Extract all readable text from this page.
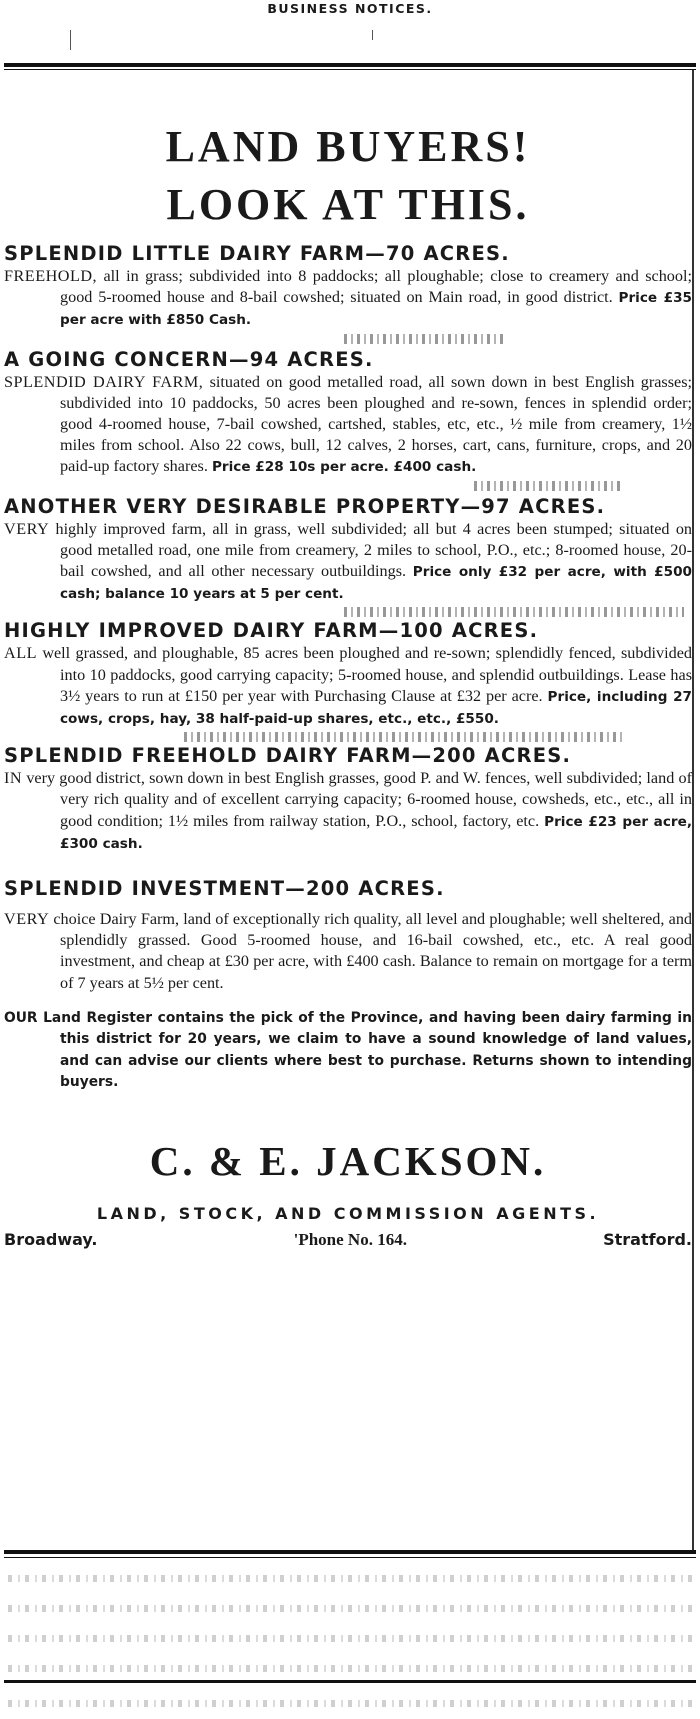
BUSINESS NOTICES.

LAND BUYERS!

LOOK AT THIS.

SPLENDID LITTLE DAIRY FARM—70 ACRES.

FREEHOLD, all in grass; subdivided into 8 paddocks; all ploughable; close to creamery and school; good 5-roomed house and 8-bail cowshed; situated on Main road, in good district. Price £35 per acre with £850 Cash.

A GOING CONCERN—94 ACRES.

SPLENDID DAIRY FARM, situated on good metalled road, all sown down in best English grasses; subdivided into 10 paddocks, 50 acres been ploughed and re-sown, fences in splendid order; good 4-roomed house, 7-bail cowshed, cartshed, stables, etc, etc., ½ mile from creamery, 1½ miles from school. Also 22 cows, bull, 12 calves, 2 horses, cart, cans, furniture, crops, and 20 paid-up factory shares. Price £28 10s per acre. £400 cash.

ANOTHER VERY DESIRABLE PROPERTY—97 ACRES.

VERY highly improved farm, all in grass, well subdivided; all but 4 acres been stumped; situated on good metalled road, one mile from creamery, 2 miles to school, P.O., etc.; 8-roomed house, 20-bail cowshed, and all other necessary outbuildings. Price only £32 per acre, with £500 cash; balance 10 years at 5 per cent.

HIGHLY IMPROVED DAIRY FARM—100 ACRES.

ALL well grassed, and ploughable, 85 acres been ploughed and re-sown; splendidly fenced, subdivided into 10 paddocks, good carrying capacity; 5-roomed house, and splendid outbuildings. Lease has 3½ years to run at £150 per year with Purchasing Clause at £32 per acre. Price, including 27 cows, crops, hay, 38 half-paid-up shares, etc., etc., £550.

SPLENDID FREEHOLD DAIRY FARM—200 ACRES.

IN very good district, sown down in best English grasses, good P. and W. fences, well subdivided; land of very rich quality and of excellent carrying capacity; 6-roomed house, cowsheds, etc., etc., all in good condition; 1½ miles from railway station, P.O., school, factory, etc. Price £23 per acre, £300 cash.

SPLENDID INVESTMENT—200 ACRES.

VERY choice Dairy Farm, land of exceptionally rich quality, all level and ploughable; well sheltered, and splendidly grassed. Good 5-roomed house, and 16-bail cowshed, etc., etc. A real good investment, and cheap at £30 per acre, with £400 cash. Balance to remain on mortgage for a term of 7 years at 5½ per cent.

OUR Land Register contains the pick of the Province, and having been dairy farming in this district for 20 years, we claim to have a sound knowledge of land values, and can advise our clients where best to purchase. Returns shown to intending buyers.

C. & E. JACKSON.

LAND, STOCK, AND COMMISSION AGENTS.

Broadway.	'Phone No. 164.	Stratford.
